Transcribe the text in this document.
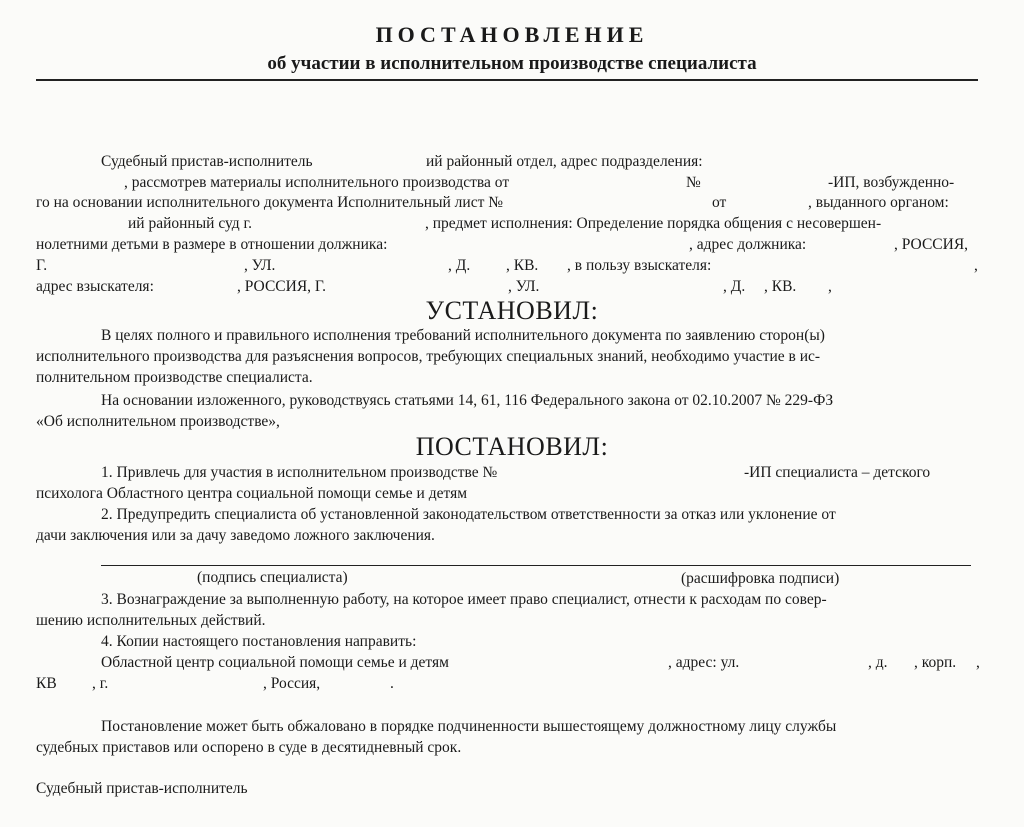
ПОСТАНОВЛЕНИЕ
об участии в исполнительном производстве специалиста
Судебный пристав-исполнитель	ий районный отдел, адрес подразделения:
, рассмотрев материалы исполнительного производства от	№	-ИП, возбужденно-
го на основании исполнительного документа Исполнительный лист №	от	, выданного органом:
ий районный суд г.	, предмет исполнения: Определение порядка общения с несовершен-
нолетними детьми в размере в отношении должника:	, адрес должника:	, РОССИЯ,
Г.	, УЛ.	, Д. , КВ. , в пользу взыскателя:	,
адрес взыскателя:	, РОССИЯ, Г.	, УЛ.	, Д. , КВ. ,
УСТАНОВИЛ:
В целях полного и правильного исполнения требований исполнительного документа по заявлению сторон(ы)
исполнительного производства для разъяснения вопросов, требующих специальных знаний, необходимо участие в ис-
полнительном производстве специалиста.
На основании изложенного, руководствуясь статьями 14, 61, 116 Федерального закона от 02.10.2007 № 229-ФЗ
«Об исполнительном производстве»,
ПОСТАНОВИЛ:
1. Привлечь для участия в исполнительном производстве №	-ИП специалиста – детского
психолога Областного центра социальной помощи семье и детям
2. Предупредить специалиста об установленной законодательством ответственности за отказ или уклонение от
дачи заключения или за дачу заведомо ложного заключения.
(подпись специалиста)	(расшифровка подписи)
3. Вознаграждение за выполненную работу, на которое имеет право специалист, отнести к расходам по совер-
шению исполнительных действий.
4. Копии настоящего постановления направить:
Областной центр социальной помощи семье и детям	, адрес: ул.	, д. , корп. ,
КВ , г.	, Россия,	.
Постановление может быть обжаловано в порядке подчиненности вышестоящему должностному лицу службы
судебных приставов или оспорено в суде в десятидневный срок.
Судебный пристав-исполнитель
